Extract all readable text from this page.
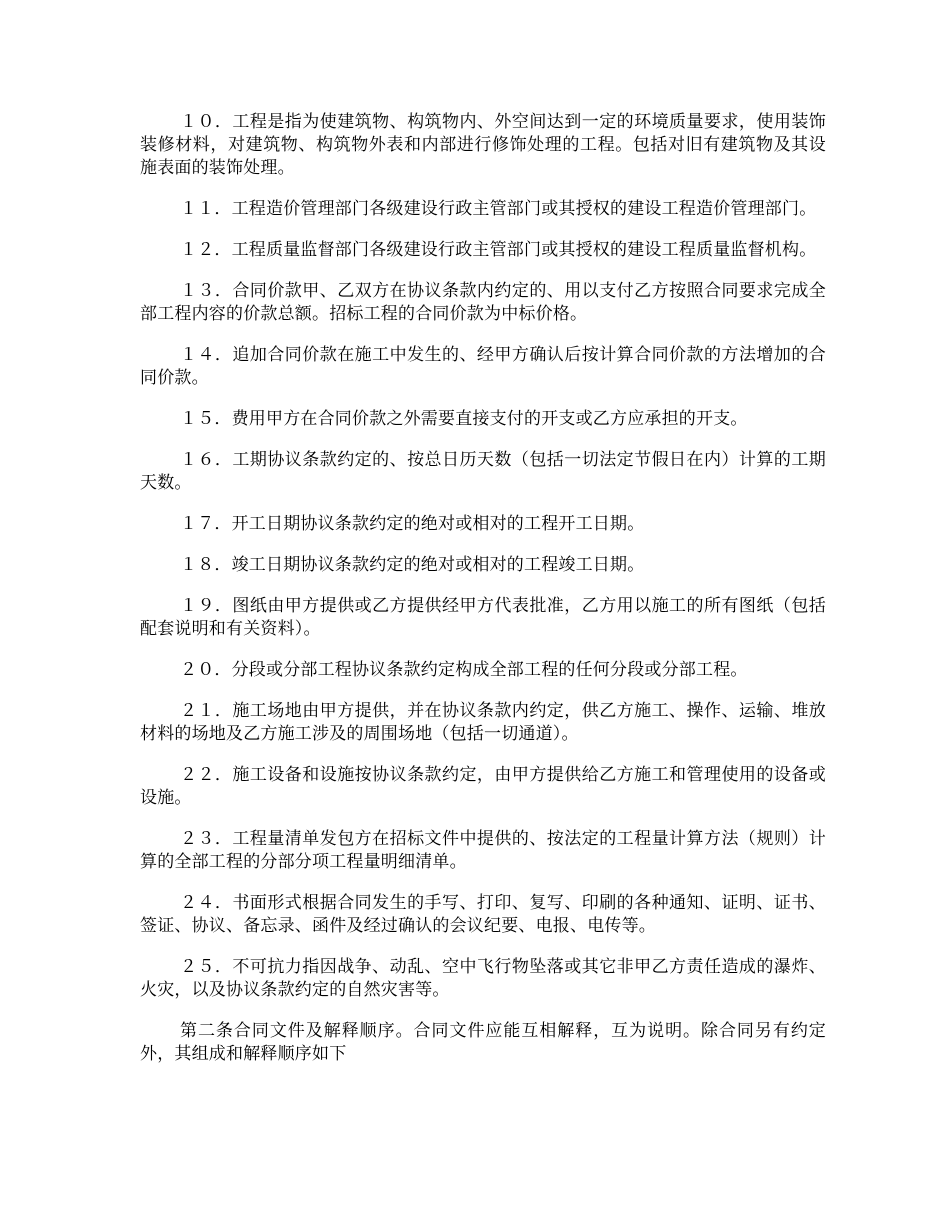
１０．工程是指为使建筑物、构筑物内、外空间达到一定的环境质量要求，使用装饰装修材料，对建筑物、构筑物外表和内部进行修饰处理的工程。包括对旧有建筑物及其设施表面的装饰处理。

１１．工程造价管理部门各级建设行政主管部门或其授权的建设工程造价管理部门。

１２．工程质量监督部门各级建设行政主管部门或其授权的建设工程质量监督机构。

１３．合同价款甲、乙双方在协议条款内约定的、用以支付乙方按照合同要求完成全部工程内容的价款总额。招标工程的合同价款为中标价格。

１４．追加合同价款在施工中发生的、经甲方确认后按计算合同价款的方法增加的合同价款。

１５．费用甲方在合同价款之外需要直接支付的开支或乙方应承担的开支。

１６．工期协议条款约定的、按总日历天数（包括一切法定节假日在内）计算的工期天数。

１７．开工日期协议条款约定的绝对或相对的工程开工日期。

１８．竣工日期协议条款约定的绝对或相对的工程竣工日期。

１９．图纸由甲方提供或乙方提供经甲方代表批准，乙方用以施工的所有图纸（包括配套说明和有关资料）。

２０．分段或分部工程协议条款约定构成全部工程的任何分段或分部工程。

２１．施工场地由甲方提供，并在协议条款内约定，供乙方施工、操作、运输、堆放材料的场地及乙方施工涉及的周围场地（包括一切通道）。

２２．施工设备和设施按协议条款约定，由甲方提供给乙方施工和管理使用的设备或设施。

２３．工程量清单发包方在招标文件中提供的、按法定的工程量计算方法（规则）计算的全部工程的分部分项工程量明细清单。

２４．书面形式根据合同发生的手写、打印、复写、印刷的各种通知、证明、证书、签证、协议、备忘录、函件及经过确认的会议纪要、电报、电传等。

２５．不可抗力指因战争、动乱、空中飞行物坠落或其它非甲乙方责任造成的瀑炸、火灾，以及协议条款约定的自然灾害等。

第二条合同文件及解释顺序。合同文件应能互相解释，互为说明。除合同另有约定外，其组成和解释顺序如下
